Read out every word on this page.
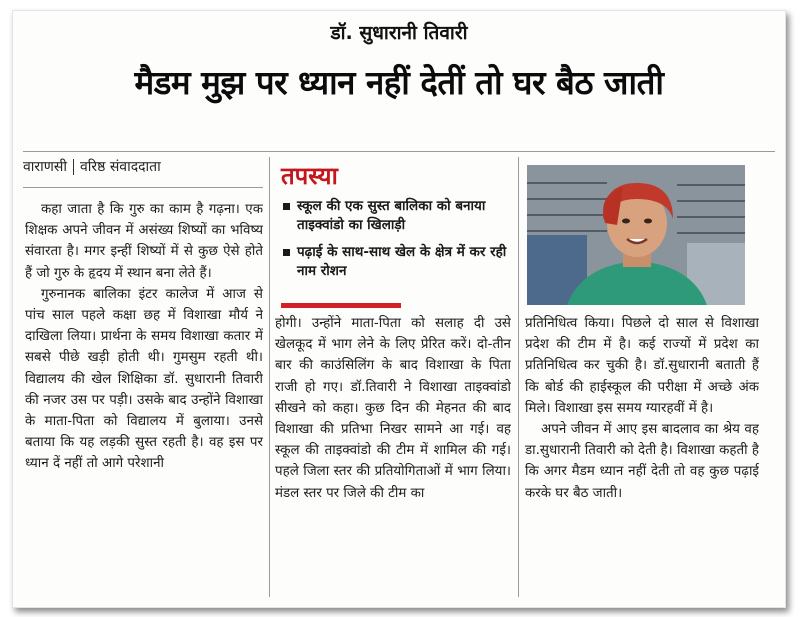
डॉ. सुधारानी तिवारी
मैडम मुझ पर ध्यान नहीं देतीं तो घर बैठ जाती
वाराणसी वरिष्ठ संवाददाता

कहा जाता है कि गुरु का काम है गढ़ना। एक शिक्षक अपने जीवन में असंख्य शिष्यों का भविष्य संवारता है। मगर इन्हीं शिष्यों में से कुछ ऐसे होते हैं जो गुरु के हृदय में स्थान बना लेते हैं।

गुरुनानक बालिका इंटर कालेज में आज से पांच साल पहले कक्षा छह में विशाखा मौर्य ने दाखिला लिया। प्रार्थना के समय विशाखा कतार में सबसे पीछे खड़ी होती थी। गुमसुम रहती थी। विद्यालय की खेल शिक्षिका डॉ. सुधारानी तिवारी की नजर उस पर पड़ी। उसके बाद उन्होंने विशाखा के माता-पिता को विद्यालय में बुलाया। उनसे बताया कि यह लड़की सुस्त रहती है। वह इस पर ध्यान दें नहीं तो आगे परेशानी

तपस्या
स्कूल की एक सुस्त बालिका को बनाया ताइक्वांडो का खिलाड़ी
पढ़ाई के साथ-साथ खेल के क्षेत्र में कर रही नाम रोशन

होगी। उन्होंने माता-पिता को सलाह दी उसे खेलकूद में भाग लेने के लिए प्रेरित करें। दो-तीन बार की काउंसिलिंग के बाद विशाखा के पिता राजी हो गए। डॉ.तिवारी ने विशाखा ताइक्वांडो सीखने को कहा। कुछ दिन की मेहनत की बाद विशाखा की प्रतिभा निखर सामने आ गई। वह स्कूल की ताइक्वांडो की टीम में शामिल की गई। पहले जिला स्तर की प्रतियोगिताओं में भाग लिया। मंडल स्तर पर जिले की टीम का

प्रतिनिधित्व किया। पिछले दो साल से विशाखा प्रदेश की टीम में है। कई राज्यों में प्रदेश का प्रतिनिधित्व कर चुकी है। डॉ.सुधारानी बताती हैं कि बोर्ड की हाईस्कूल की परीक्षा में अच्छे अंक मिले। विशाखा इस समय ग्यारहवीं में है।

अपने जीवन में आए इस बादलाव का श्रेय वह डा.सुधारानी तिवारी को देती है। विशाखा कहती है कि अगर मैडम ध्यान नहीं देती तो वह कुछ पढ़ाई करके घर बैठ जाती।
